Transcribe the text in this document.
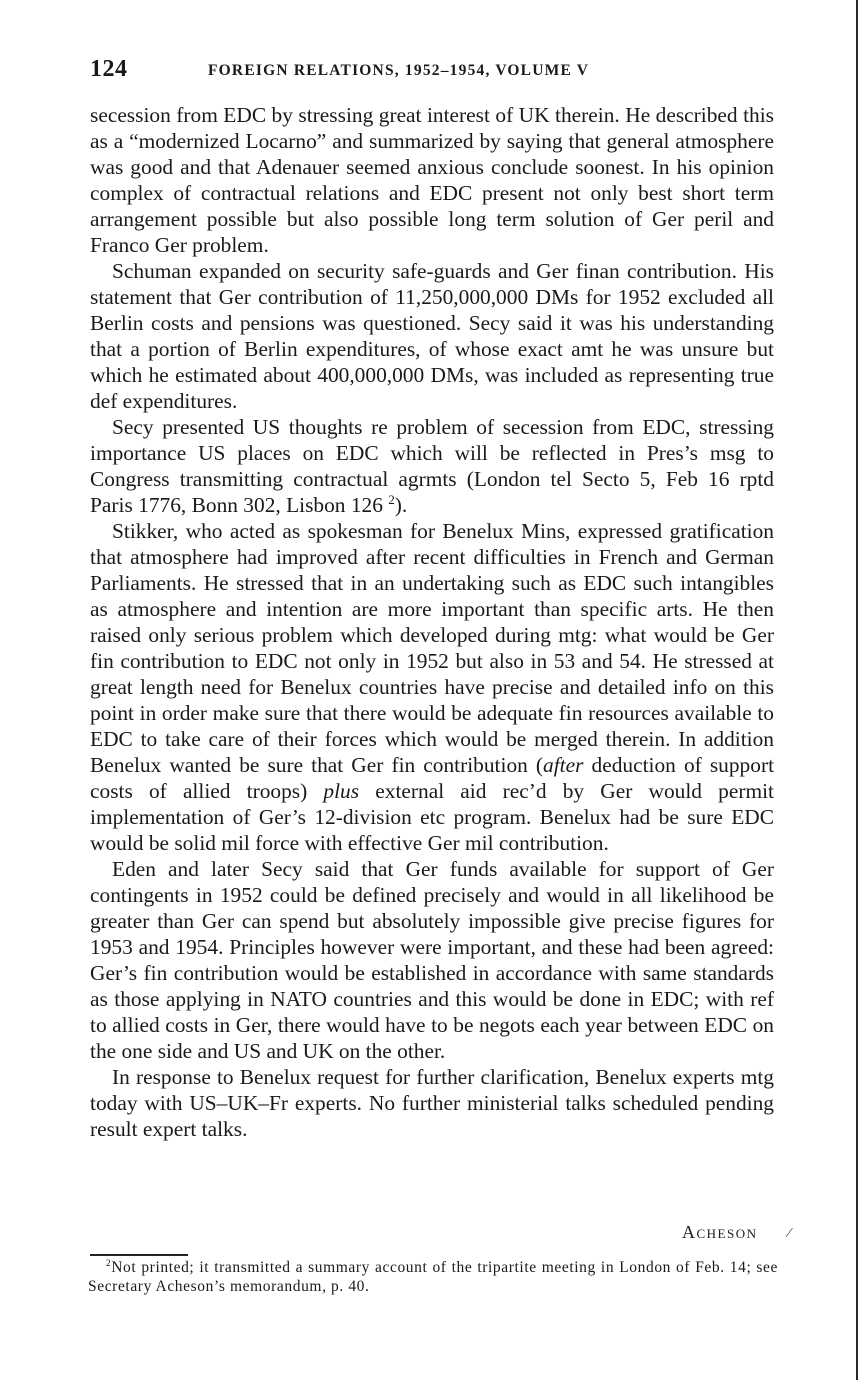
124	FOREIGN RELATIONS, 1952–1954, VOLUME V

secession from EDC by stressing great interest of UK therein. He described this as a “modernized Locarno” and summarized by saying that general atmosphere was good and that Adenauer seemed anxious conclude soonest. In his opinion complex of contractual relations and EDC present not only best short term arrangement possible but also possible long term solution of Ger peril and Franco Ger problem.

Schuman expanded on security safe-guards and Ger finan contribution. His statement that Ger contribution of 11,250,000,000 DMs for 1952 excluded all Berlin costs and pensions was questioned. Secy said it was his understanding that a portion of Berlin expenditures, of whose exact amt he was unsure but which he estimated about 400,000,000 DMs, was included as representing true def expenditures.

Secy presented US thoughts re problem of secession from EDC, stressing importance US places on EDC which will be reflected in Pres’s msg to Congress transmitting contractual agrmts (London tel Secto 5, Feb 16 rptd Paris 1776, Bonn 302, Lisbon 126 $^2$).

Stikker, who acted as spokesman for Benelux Mins, expressed gratification that atmosphere had improved after recent difficulties in French and German Parliaments. He stressed that in an undertaking such as EDC such intangibles as atmosphere and intention are more important than specific arts. He then raised only serious problem which developed during mtg: what would be Ger fin contribution to EDC not only in 1952 but also in 53 and 54. He stressed at great length need for Benelux countries have precise and detailed info on this point in order make sure that there would be adequate fin resources available to EDC to take care of their forces which would be merged therein. In addition Benelux wanted be sure that Ger fin contribution (after deduction of support costs of allied troops) plus external aid rec’d by Ger would permit implementation of Ger’s 12-division etc program. Benelux had be sure EDC would be solid mil force with effective Ger mil contribution.

Eden and later Secy said that Ger funds available for support of Ger contingents in 1952 could be defined precisely and would in all likelihood be greater than Ger can spend but absolutely impossible give precise figures for 1953 and 1954. Principles however were important, and these had been agreed: Ger’s fin contribution would be established in accordance with same standards as those applying in NATO countries and this would be done in EDC; with ref to allied costs in Ger, there would have to be negots each year between EDC on the one side and US and UK on the other.

In response to Benelux request for further clarification, Benelux experts mtg today with US–UK–Fr experts. No further ministerial talks scheduled pending result expert talks.

Acheson ⁄
$^2$Not printed; it transmitted a summary account of the tripartite meeting in London of Feb. 14; see Secretary Acheson’s memorandum, p. 40.
